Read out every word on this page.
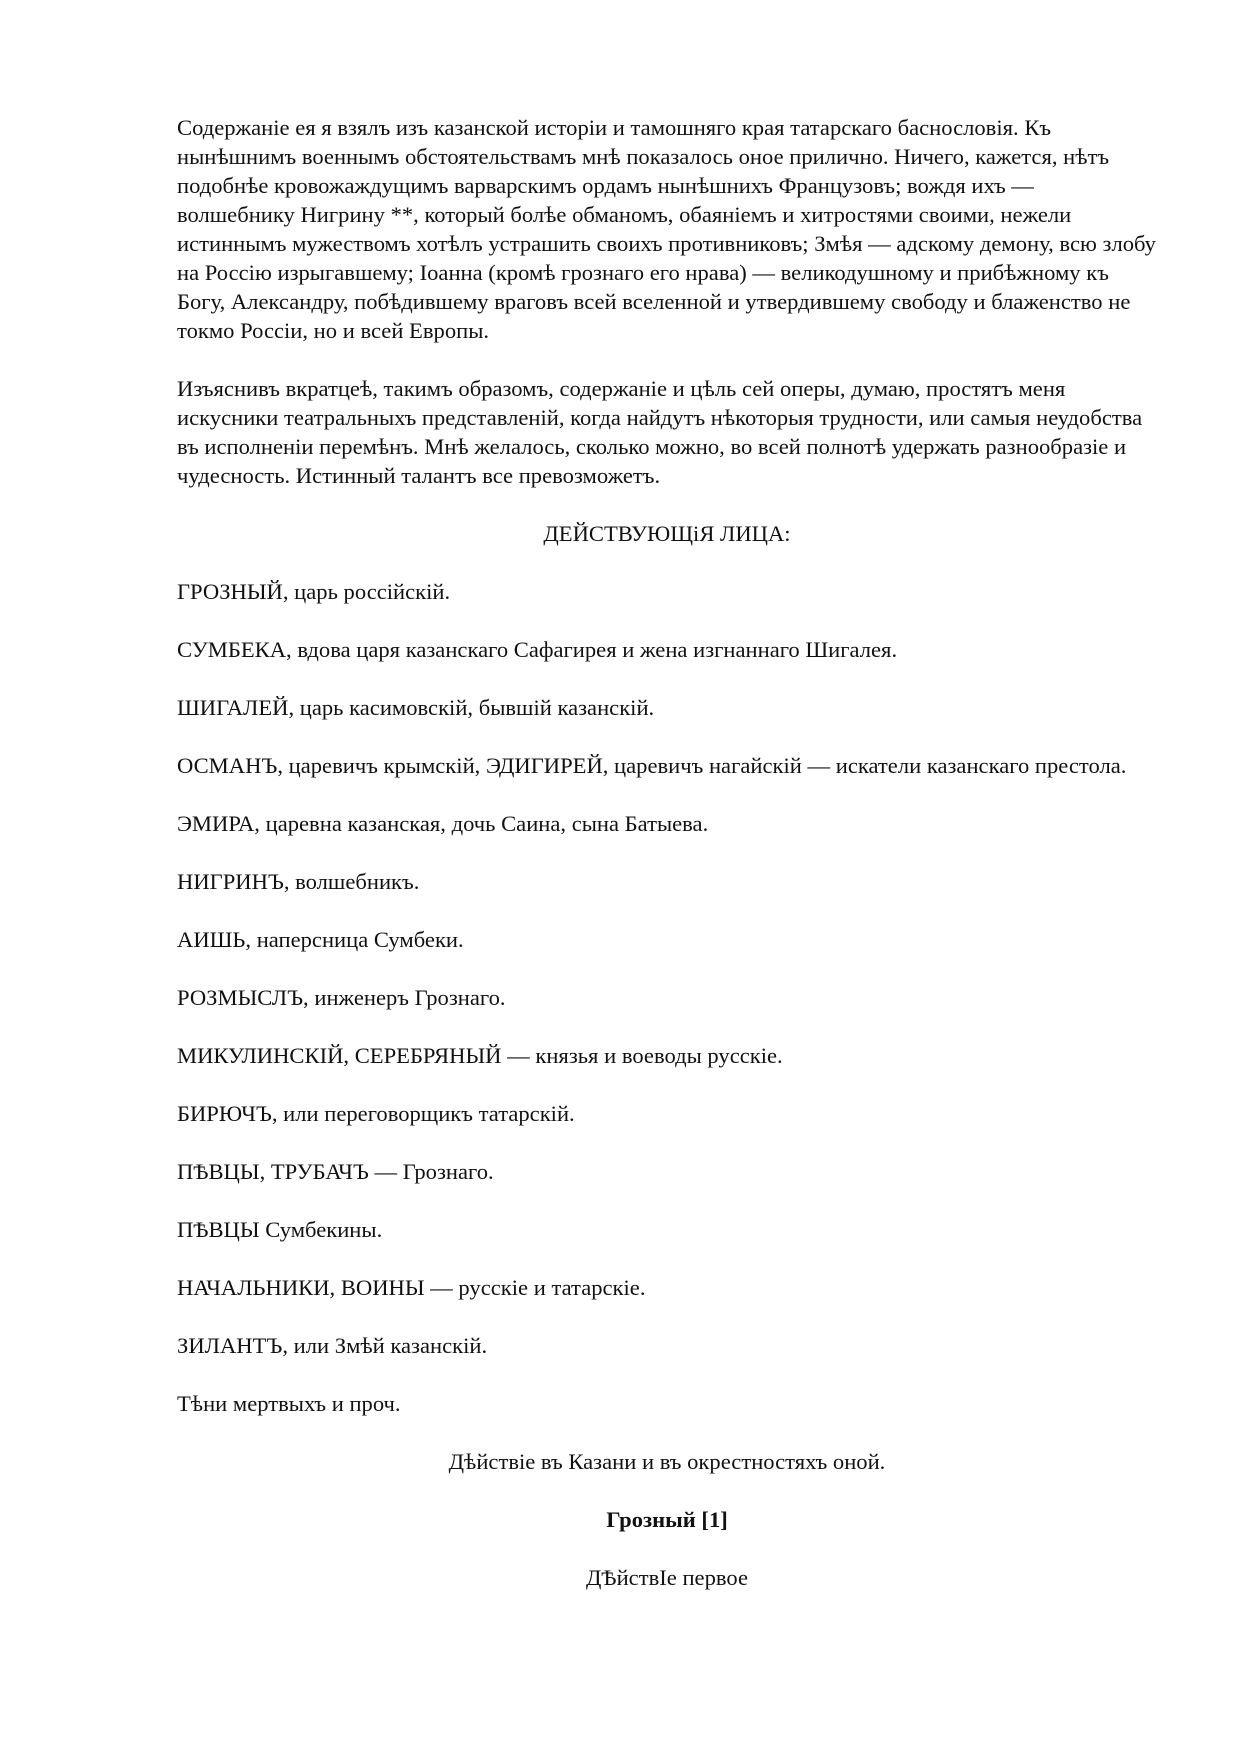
Содержанiе ея я взялъ изъ казанской исторiи и тамошняго края татарскаго баснословiя. Къ нынѣшнимъ военнымъ обстоятельствамъ мнѣ показалось оное прилично. Ничего, кажется, нѣтъ подобнѣе кровожаждущимъ варварскимъ ордамъ нынѣшнихъ Французовъ; вождя ихъ — волшебнику Нигрину **, который болѣе обманомъ, обаянiемъ и хитростями своими, нежели истиннымъ мужествомъ хотѣлъ устрашить своихъ противниковъ; Змѣя — адскому демону, всю злобу на Россiю изрыгавшему; Iоанна (кромѣ грознаго его нрава) — великодушному и прибѣжному къ Богу, Александру, побѣдившему враговъ всей вселенной и утвердившему свободу и блаженство не токмо Россiи, но и всей Европы.

Изъяснивъ вкратцеѣ, такимъ образомъ, содержанiе и цѣль сей оперы, думаю, простятъ меня искусники театральныхъ представленiй, когда найдутъ нѣкоторыя трудности, или самыя неудобства въ исполненiи перемѣнъ. Мнѣ желалось, сколько можно, во всей полнотѣ удержать разнообразiе и чудесность. Истинный талантъ все превозможетъ.

ДЕЙСТВУЮЩiЯ ЛИЦА:

ГРОЗНЫЙ, царь россiйскiй.
СУМБЕКА, вдова царя казанскаго Сафагирея и жена изгнаннаго Шигалея.
ШИГАЛЕЙ, царь касимовскiй, бывшiй казанскiй.
ОСМАНЪ, царевичъ крымскiй, ЭДИГИРЕЙ, царевичъ нагайскiй — искатели казанскаго престола.
ЭМИРА, царевна казанская, дочь Саина, сына Батыева.
НИГРИНЪ, волшебникъ.
АИШЬ, наперсница Сумбеки.
РОЗМЫСЛЪ, инженеръ Грознаго.
МИКУЛИНСКIЙ, СЕРЕБРЯНЫЙ — князья и воеводы русскiе.
БИРЮЧЪ, или переговорщикъ татарскiй.
ПѢВЦЫ, ТРУБАЧЪ — Грознаго.
ПѢВЦЫ Сумбекины.
НАЧАЛЬНИКИ, ВОИНЫ — русскiе и татарскiе.
ЗИЛАНТЪ, или Змѣй казанскiй.
Тѣни мертвыхъ и проч.

Дѣйствiе въ Казани и въ окрестностяхъ оной.

Грозный [1]

ДѢйствIе первое
